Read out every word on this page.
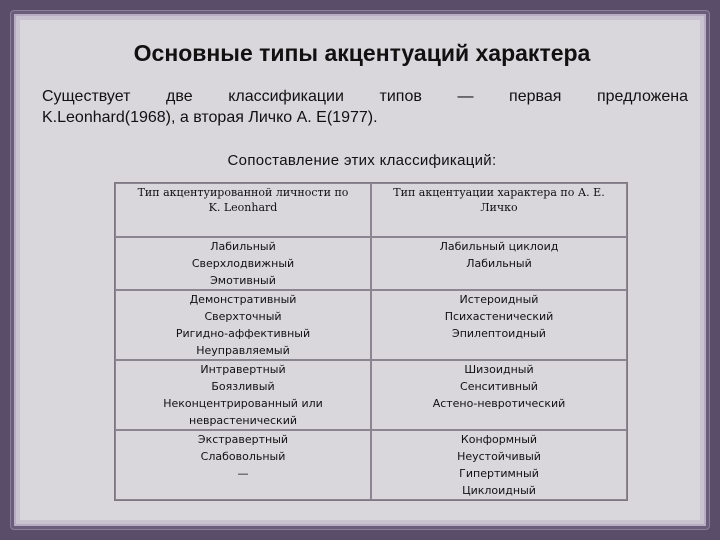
Основные типы акцентуаций характера
Существует две классификации типов — первая предложена
K.Leonhard(1968), а вторая Личко А. Е(1977).
Сопоставление этих классификаций:
Тип акцентуированной личности по
K. Leonhard	Тип акцентуации характера по А. Е.
Личко

Лабильный
Сверхлодвижный
Эмотивный	Лабильный циклоид
Лабильный

Демонстративный
Сверхточный
Ригидно-аффективный
Неуправляемый	Истероидный
Психастенический
Эпилептоидный

Интравертный
Боязливый
Неконцентрированный или
неврастенический	Шизоидный
Сенситивный
Астено-невротический

Экстравертный
Слабовольный
—	Конформный
Неустойчивый
Гипертимный
Циклоидный
